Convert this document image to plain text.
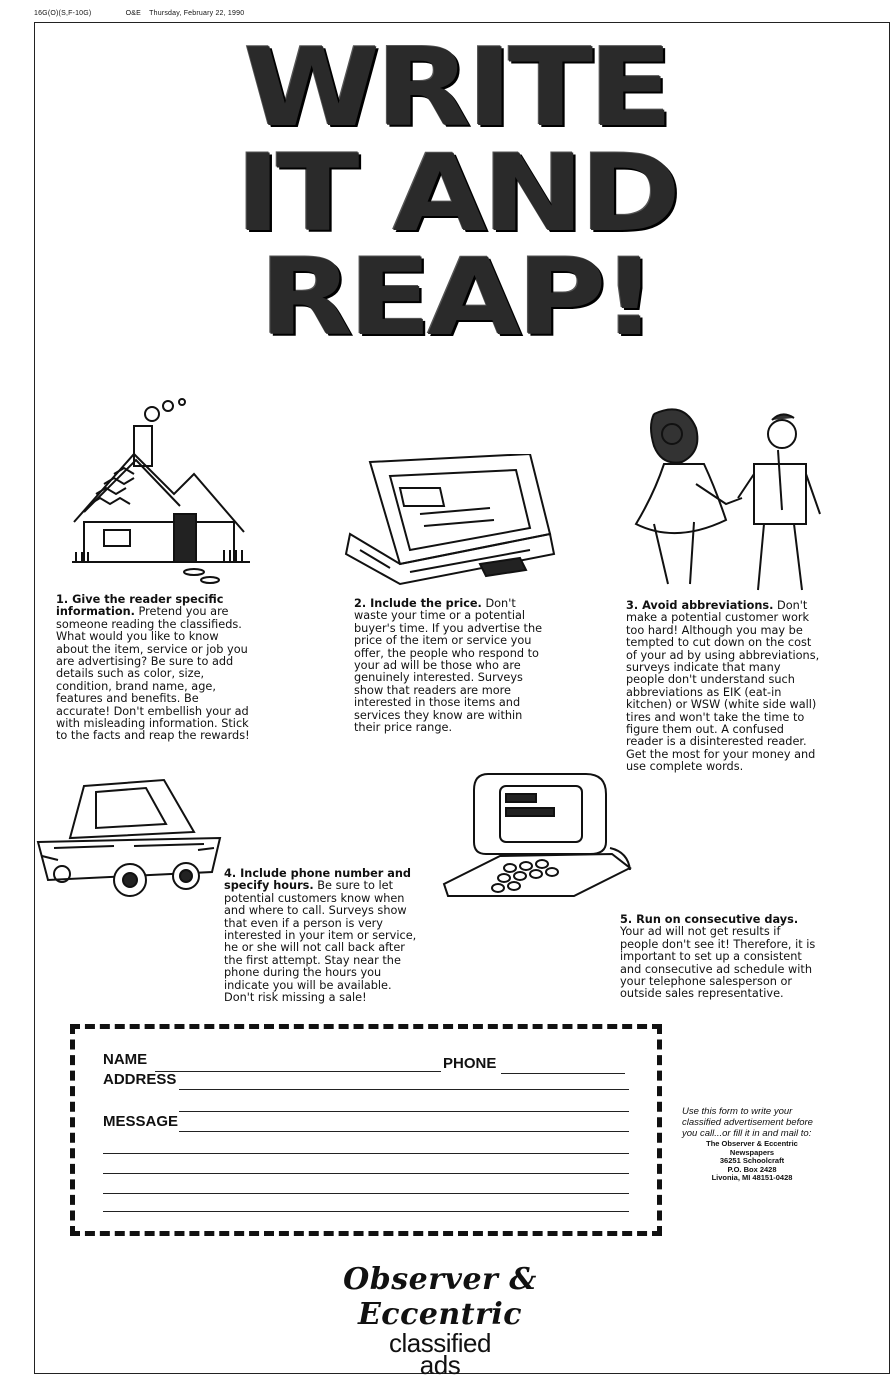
16G(O)(S,F-10G)	O&E Thursday, February 22, 1990
WRITE
IT AND
REAP!
1. Give the reader specific information. Pretend you are someone reading the classifieds. What would you like to know about the item, service or job you are advertising? Be sure to add details such as color, size, condition, brand name, age, features and benefits. Be accurate! Don't embellish your ad with misleading information. Stick to the facts and reap the rewards!
2. Include the price. Don't waste your time or a potential buyer's time. If you advertise the price of the item or service you offer, the people who respond to your ad will be those who are genuinely interested. Surveys show that readers are more interested in those items and services they know are within their price range.
3. Avoid abbreviations. Don't make a potential customer work too hard! Although you may be tempted to cut down on the cost of your ad by using abbreviations, surveys indicate that many people don't understand such abbreviations as EIK (eat-in kitchen) or WSW (white side wall) tires and won't take the time to figure them out. A confused reader is a disinterested reader. Get the most for your money and use complete words.
4. Include phone number and specify hours. Be sure to let potential customers know when and where to call. Surveys show that even if a person is very interested in your item or service, he or she will not call back after the first attempt. Stay near the phone during the hours you indicate you will be available. Don't risk missing a sale!
5. Run on consecutive days. Your ad will not get results if people don't see it! Therefore, it is important to set up a consistent and consecutive ad schedule with your telephone salesperson or outside sales representative.
NAME	PHONE
ADDRESS
MESSAGE
Use this form to write your classified advertisement before you call...or fill it in and mail to:
The Observer & Eccentric
Newspapers
36251 Schoolcraft
P.O. Box 2428
Livonia, MI 48151-0428
Observer & Eccentric
classified
ads
